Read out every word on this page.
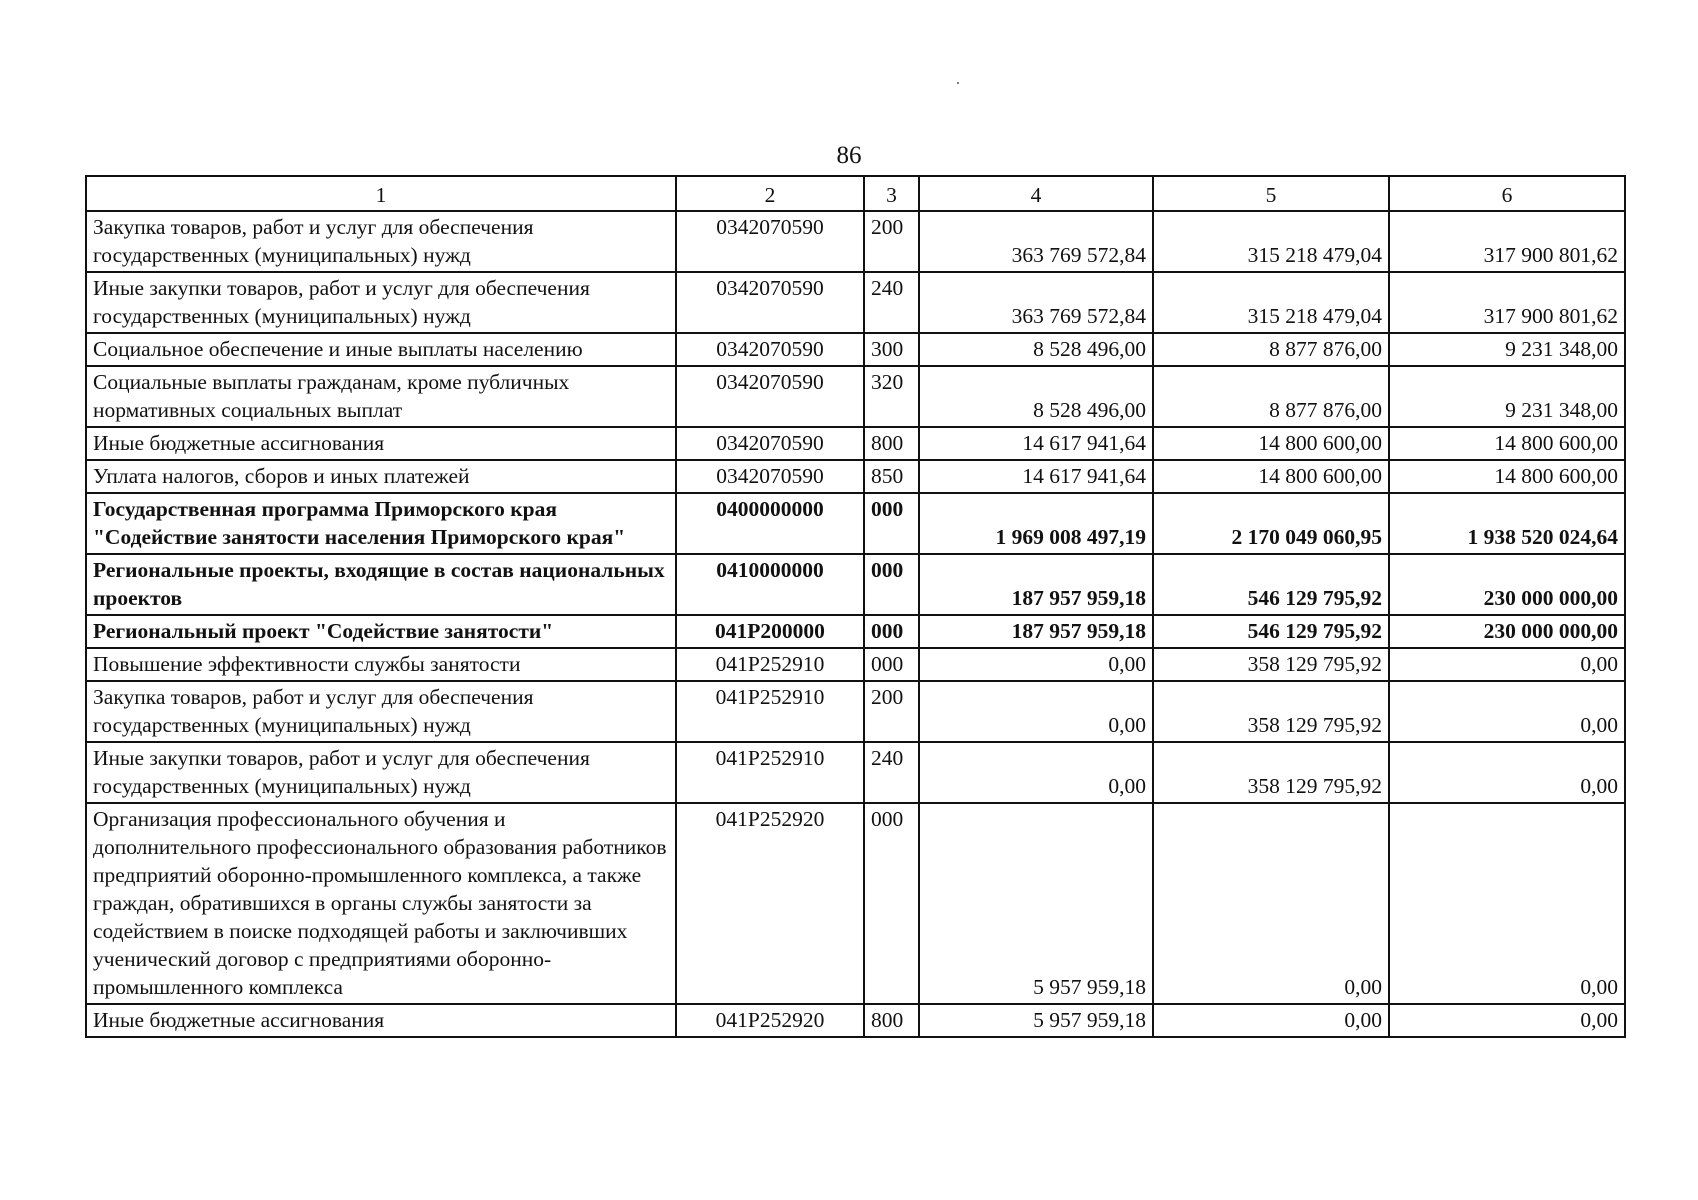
86
1	2	3	4	5	6
Закупка товаров, работ и услуг для обеспечения государственных (муниципальных) нужд	0342070590	200	363 769 572,84	315 218 479,04	317 900 801,62
Иные закупки товаров, работ и услуг для обеспечения государственных (муниципальных) нужд	0342070590	240	363 769 572,84	315 218 479,04	317 900 801,62
Социальное обеспечение и иные выплаты населению	0342070590	300	8 528 496,00	8 877 876,00	9 231 348,00
Социальные выплаты гражданам, кроме публичных нормативных социальных выплат	0342070590	320	8 528 496,00	8 877 876,00	9 231 348,00
Иные бюджетные ассигнования	0342070590	800	14 617 941,64	14 800 600,00	14 800 600,00
Уплата налогов, сборов и иных платежей	0342070590	850	14 617 941,64	14 800 600,00	14 800 600,00
Государственная программа Приморского края "Содействие занятости населения Приморского края"	0400000000	000	1 969 008 497,19	2 170 049 060,95	1 938 520 024,64
Региональные проекты, входящие в состав национальных проектов	0410000000	000	187 957 959,18	546 129 795,92	230 000 000,00
Региональный проект "Содействие занятости"	041P200000	000	187 957 959,18	546 129 795,92	230 000 000,00
Повышение эффективности службы занятости	041P252910	000	0,00	358 129 795,92	0,00
Закупка товаров, работ и услуг для обеспечения государственных (муниципальных) нужд	041P252910	200	0,00	358 129 795,92	0,00
Иные закупки товаров, работ и услуг для обеспечения государственных (муниципальных) нужд	041P252910	240	0,00	358 129 795,92	0,00
Организация профессионального обучения и дополнительного профессионального образования работников предприятий оборонно-промышленного комплекса, а также граждан, обратившихся в органы службы занятости за содействием в поиске подходящей работы и заключивших ученический договор с предприятиями оборонно-промышленного комплекса	041P252920	000	5 957 959,18	0,00	0,00
Иные бюджетные ассигнования	041P252920	800	5 957 959,18	0,00	0,00
